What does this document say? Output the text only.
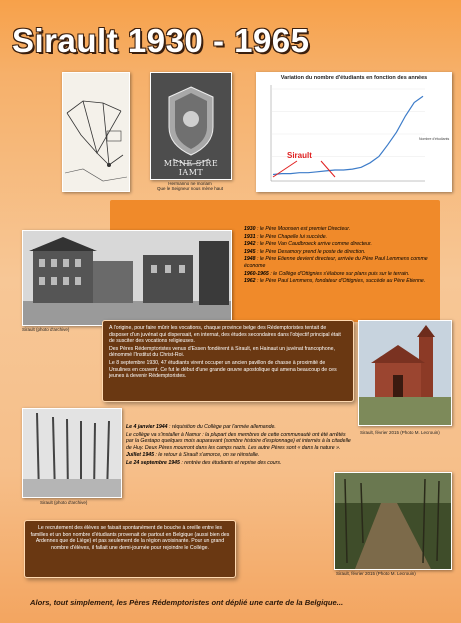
Sirault 1930 - 1965
MENE SIRE IAMT
Hermanno ne moriam
Que le Seigneur nous mène haut
Variation du nombre d'étudiants en fonction des années
Sirault
Nombre d'étudiants
1930 : le Père Moonsen est premier Directeur.
1931 : le Père Chapelle lui succède.
1942 : le Père Van Caudbroeck arrive comme directeur.
1945 : le Père Desamory prend le poste de direction.
1948 : le Père Etienne devient directeur, arrivée du Père Paul Lemmens comme économe
1960-1965 : le Collège d'Ottignies s'élabore sur plans puis sur le terrain.
1962 : le Père Paul Lemmens, fondateur d'Ottignies, succède au Père Etienne.
Sirault (photo d'archive)	A l'origine, pour faire mûrir les vocations, chaque province belge des Rédemptoristes tentait de disposer d'un juvénat qui dispensait, en internat, des études secondaires dans l'objectif principal était de susciter des vocations religieuses.

Des Pères Rédemptoristes venus d'Essen fondèrent à Sirault, en Hainaut un juvénat francophone, dénommé l'Institut du Christ-Roi.

Le 8 septembre 1930, 47 étudiants virent occuper un ancien pavillon de chasse à proximité de Ursulines en couvent. Ce fut le début d'une grande œuvre apostolique qui amena beaucoup de ces jeunes à devenir Rédemptoristes.

Sirault, février 2015 (Photo M. Lecrouin)
Sirault (photo d'archive)
Le 4 janvier 1944 : réquisition du Collège par l'armée allemande.
Le collège va s'installer à Namur : la plupart des membres de cette communauté ont été arrêtés par la Gestapo quelques mois auparavant (sombre histoire d'espionnage) et internés à la citadelle de Huy. Deux Pères mourront dans les camps nazis. Les autre Pères sont « dans la nature ».
Juillet 1945 : le retour à Sirault s'amorce, on se réinstalle.
Le 24 septembre 1945 : rentrée des étudiants et reprise des cours.
Sirault, février 2015 (Photo M. Lecrouin)

Le recrutement des élèves se faisait spontanément de bouche à oreille entre les familles et un bon nombre d'étudiants provenait de partout en Belgique (aussi bien des Ardennes que de Liège) et pas seulement de la région avoisinante. Pour un grand nombre d'élèves, il fallait une demi-journée pour rejoindre le Collège.

Alors, tout simplement, les Pères Rédemptoristes ont déplié une carte de la Belgique...
